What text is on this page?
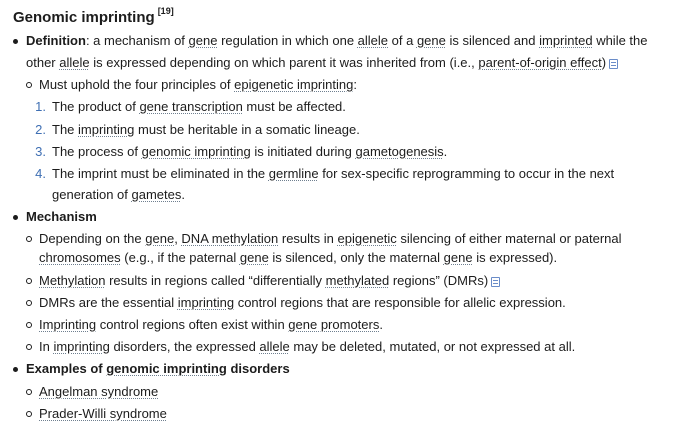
Genomic imprinting [19]
Definition: a mechanism of gene regulation in which one allele of a gene is silenced and imprinted while the
other allele is expressed depending on which parent it was inherited from (i.e., parent-of-origin effect)
Must uphold the four principles of epigenetic imprinting:
1. The product of gene transcription must be affected.
2. The imprinting must be heritable in a somatic lineage.
3. The process of genomic imprinting is initiated during gametogenesis.
4. The imprint must be eliminated in the germline for sex-specific reprogramming to occur in the next
generation of gametes.
Mechanism
Depending on the gene, DNA methylation results in epigenetic silencing of either maternal or paternal
chromosomes (e.g., if the paternal gene is silenced, only the maternal gene is expressed).
Methylation results in regions called “differentially methylated regions” (DMRs)
DMRs are the essential imprinting control regions that are responsible for allelic expression.
Imprinting control regions often exist within gene promoters.
In imprinting disorders, the expressed allele may be deleted, mutated, or not expressed at all.
Examples of genomic imprinting disorders
Angelman syndrome
Prader-Willi syndrome
